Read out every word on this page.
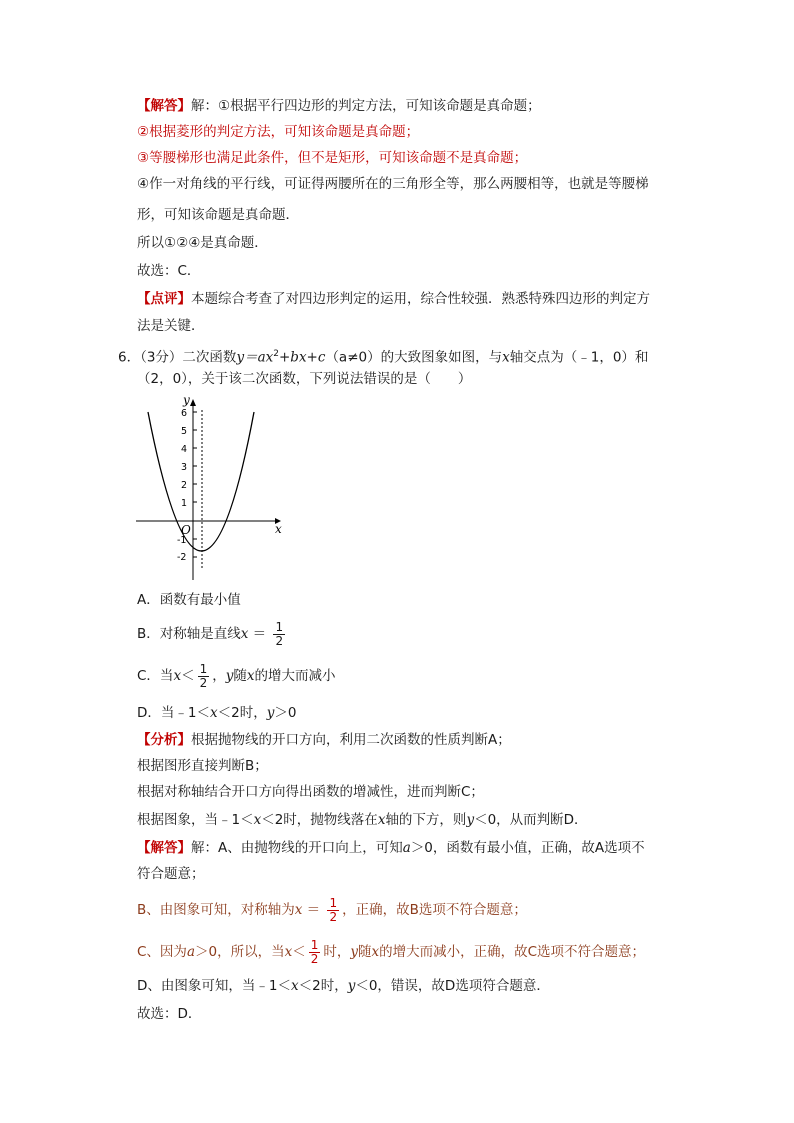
【解答】解：①根据平行四边形的判定方法，可知该命题是真命题；
②根据菱形的判定方法，可知该命题是真命题；
③等腰梯形也满足此条件，但不是矩形，可知该命题不是真命题；
④作一对角线的平行线，可证得两腰所在的三角形全等，那么两腰相等，也就是等腰梯
形，可知该命题是真命题．
所以①②④是真命题．
故选：C．
【点评】本题综合考查了对四边形判定的运用，综合性较强．熟悉特殊四边形的判定方
法是关键．
6．（3分）二次函数$y=ax^2+bx+c(a\ne 0)$的大致图象如图，与x轴交点为（﹣1，0）和
（2，0），关于该二次函数，下列说法错误的是（　　）
6
5
4
3
2
1
-1
-2
y
x
O
A．函数有最小值
B．对称轴是直线$x = \frac{1}{2}$
C．当$x< \frac{1}{2}$ ，y随x的增大而减小
D．当﹣1＜x＜2时，y＞0
【分析】根据抛物线的开口方向，利用二次函数的性质判断A；
根据图形直接判断B；
根据对称轴结合开口方向得出函数的增减性，进而判断C；
根据图象，当﹣1＜x＜2时，抛物线落在x轴的下方，则y＜0，从而判断D．
【解答】解：A、由抛物线的开口向上，可知a＞0，函数有最小值，正确，故A选项不
符合题意；
B、由图象可知，对称轴为$x = \frac{1}{2}$ ，正确，故B选项不符合题意；
C、因为a＞0，所以，当$x< \frac{1}{2}$ 时，y随x的增大而减小，正确，故C选项不符合题意；
D、由图象可知，当﹣1＜x＜2时，y＜0，错误，故D选项符合题意．
故选：D．
